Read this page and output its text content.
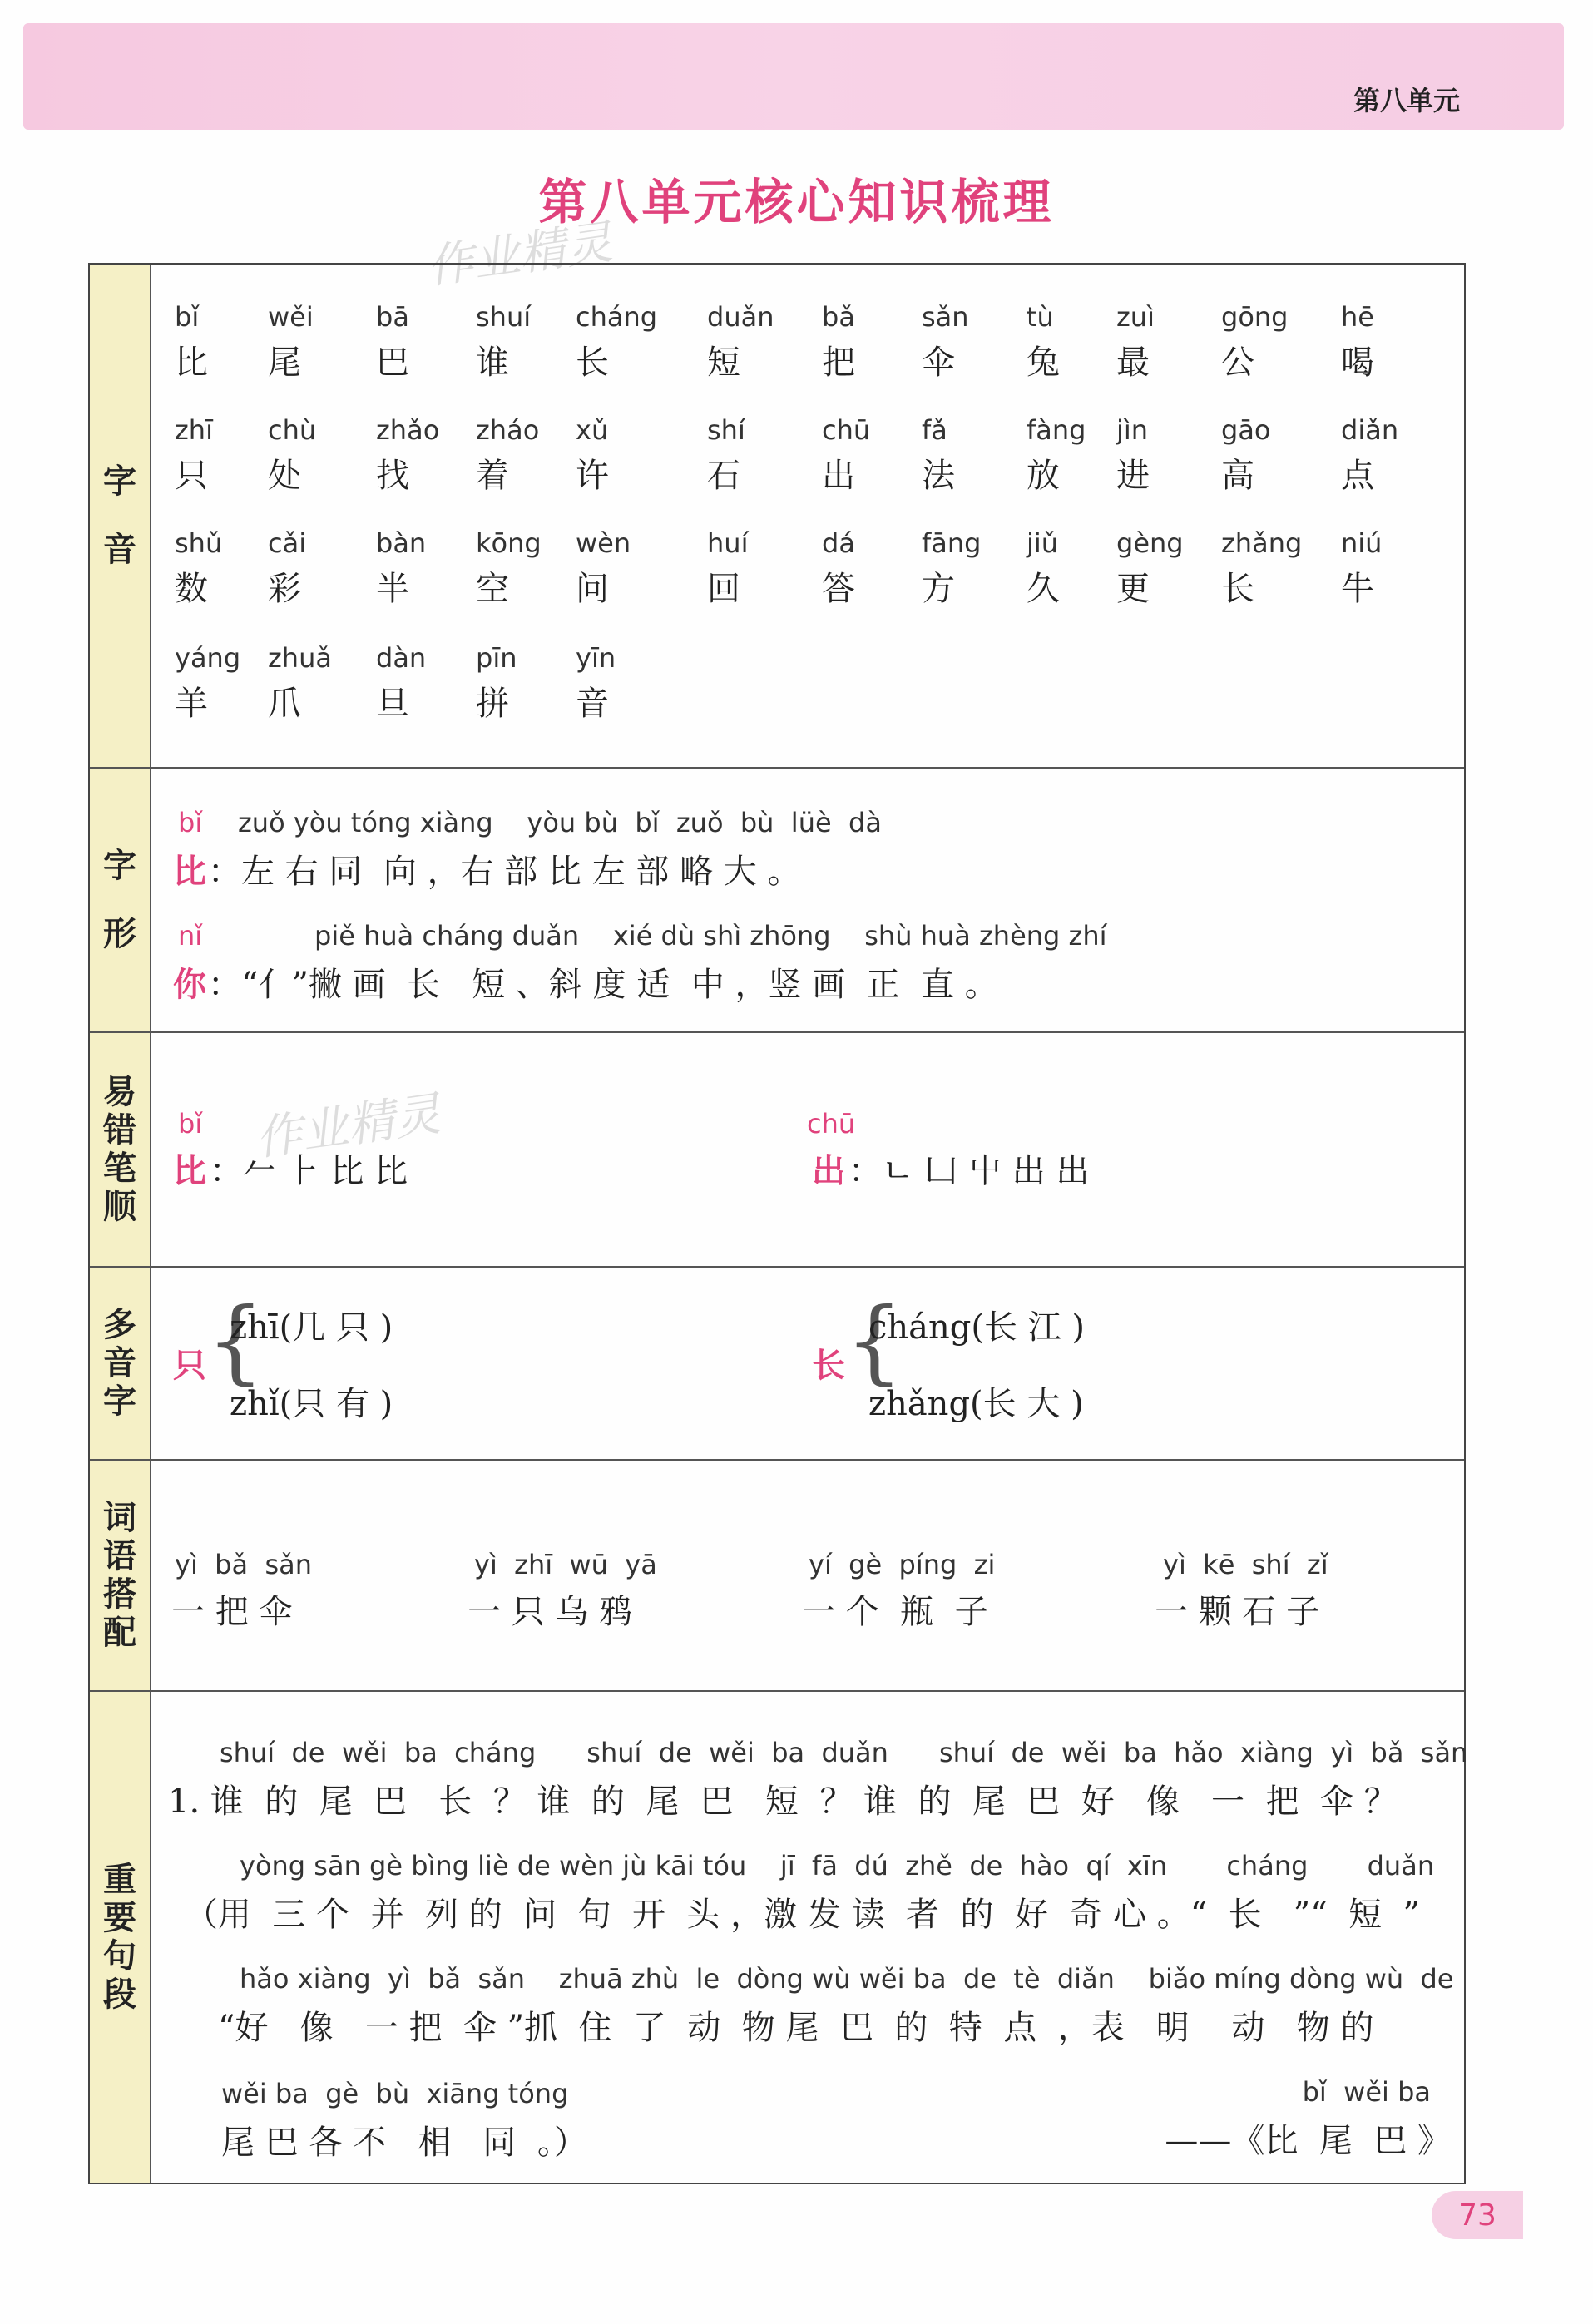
第八单元
第八单元核心知识梳理
作业精灵
作业精灵
字
音
bǐ
比
wěi
尾
bā
巴
shuí
谁
cháng
长
duǎn
短
bǎ
把
sǎn
伞
tù
兔
zuì
最
gōng
公
hē
喝
zhī
只
chù
处
zhǎo
找
zháo
着
xǔ
许
shí
石
chū
出
fǎ
法
fàng
放
jìn
进
gāo
高
diǎn
点
shǔ
数
cǎi
彩
bàn
半
kōng
空
wèn
问
huí
回
dá
答
fāng
方
jiǔ
久
gèng
更
zhǎng
长
niú
牛
yáng
羊
zhuǎ
爪
dàn
旦
pīn
拼
yīn
音
字
形
bǐ zuǒ yòu tóng xiàng    yòu bù  bǐ  zuǒ  bù  lüè  dà
比 ：左 右 同  向 ，右 部 比 左 部 略 大 。
nǐ	piě huà cháng duǎn    xié dù shì zhōng    shù huà zhèng zhí
你 ：“亻”撇 画  长   短 、斜 度 适  中 ，竖 画  正  直 。
易
错
笔
顺
bǐ
比 ：𠂉 ⺊ 比 比
chū
出 ：ㄴ 凵 屮 出 出
多
音
字
只 {
zhī(几 只 )
zhǐ(只 有 )
长 {
cháng(长 江 )
zhǎng(长 大 )
词
语
搭
配
yì  bǎ  sǎn
一 把 伞
yì  zhī  wū  yā
一 只 乌 鸦
yí  gè  píng  zi
一 个  瓶  子
yì  kē  shí  zǐ
一 颗 石 子
重
要
句
段
shuí  de  wěi  ba  cháng      shuí  de  wěi  ba  duǎn      shuí  de  wěi  ba  hǎo  xiàng  yì  bǎ  sǎn
1. 谁  的  尾  巴   长  ？ 谁  的  尾  巴   短  ？ 谁  的  尾  巴  好   像   一  把  伞 ？
yòng sān gè bìng liè de wèn jù kāi tóu    jī  fā  dú  zhě  de  hào  qí  xīn       cháng       duǎn
（用  三 个  并  列 的  问  句  开  头 ，激 发 读  者  的  好  奇 心 。“  长   ”“  短  ”
hǎo xiàng  yì  bǎ  sǎn    zhuā zhù  le  dòng wù wěi ba  de  tè  diǎn    biǎo míng dòng wù  de
“好   像   一 把  伞 ”抓  住  了  动  物 尾  巴  的  特  点  ，表   明    动   物 的
wěi ba  gè  bù  xiāng tóng
尾 巴 各 不   相   同  。）
bǐ  wěi ba
——《比  尾  巴 》
73
